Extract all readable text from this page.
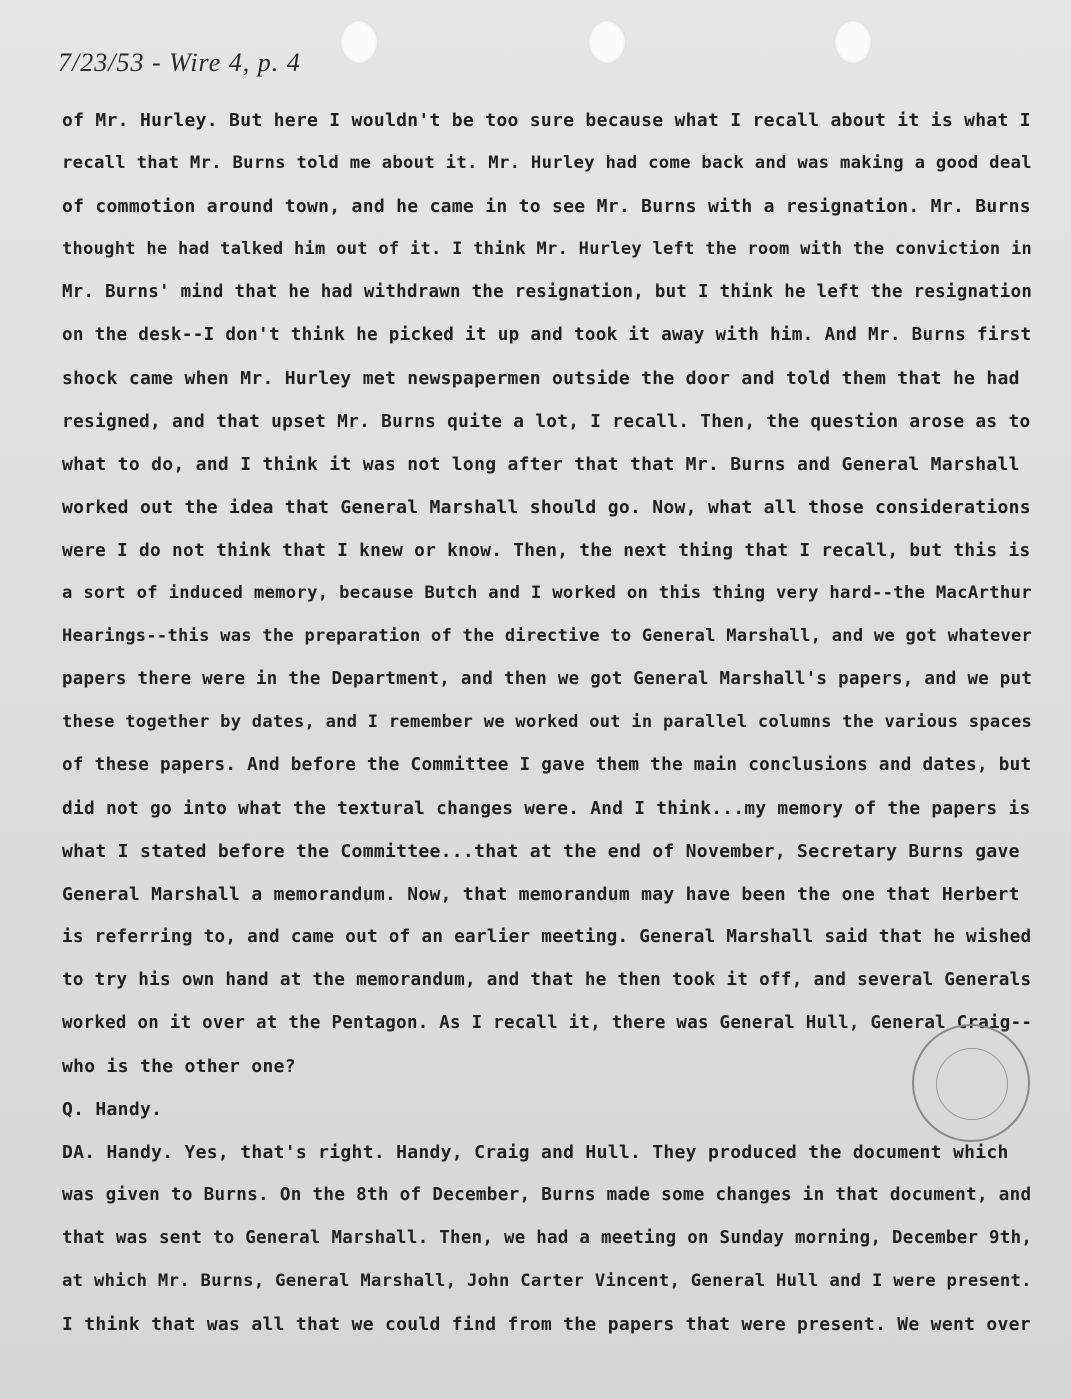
7/23/53 - Wire 4, p. 4
of Mr. Hurley. But here I wouldn't be too sure because what I recall about it is what I
recall that Mr. Burns told me about it. Mr. Hurley had come back and was making a good deal
of commotion around town, and he came in to see Mr. Burns with a resignation. Mr. Burns
thought he had talked him out of it. I think Mr. Hurley left the room with the conviction in
Mr. Burns' mind that he had withdrawn the resignation, but I think he left the resignation
on the desk--I don't think he picked it up and took it away with him. And Mr. Burns first
shock came when Mr. Hurley met newspapermen outside the door and told them that he had
resigned, and that upset Mr. Burns quite a lot, I recall. Then, the question arose as to
what to do, and I think it was not long after that that Mr. Burns and General Marshall
worked out the idea that General Marshall should go. Now, what all those considerations
were I do not think that I knew or know. Then, the next thing that I recall, but this is
a sort of induced memory, because Butch and I worked on this thing very hard--the MacArthur
Hearings--this was the preparation of the directive to General Marshall, and we got whatever
papers there were in the Department, and then we got General Marshall's papers, and we put
these together by dates, and I remember we worked out in parallel columns the various spaces
of these papers. And before the Committee I gave them the main conclusions and dates, but
did not go into what the textural changes were. And I think...my memory of the papers is
what I stated before the Committee...that at the end of November, Secretary Burns gave
General Marshall a memorandum. Now, that memorandum may have been the one that Herbert
is referring to, and came out of an earlier meeting. General Marshall said that he wished
to try his own hand at the memorandum, and that he then took it off, and several Generals
worked on it over at the Pentagon. As I recall it, there was General Hull, General Craig--
who is the other one?
Q. Handy.
DA. Handy. Yes, that's right. Handy, Craig and Hull. They produced the document which
was given to Burns. On the 8th of December, Burns made some changes in that document, and
that was sent to General Marshall. Then, we had a meeting on Sunday morning, December 9th,
at which Mr. Burns, General Marshall, John Carter Vincent, General Hull and I were present.
I think that was all that we could find from the papers that were present. We went over
